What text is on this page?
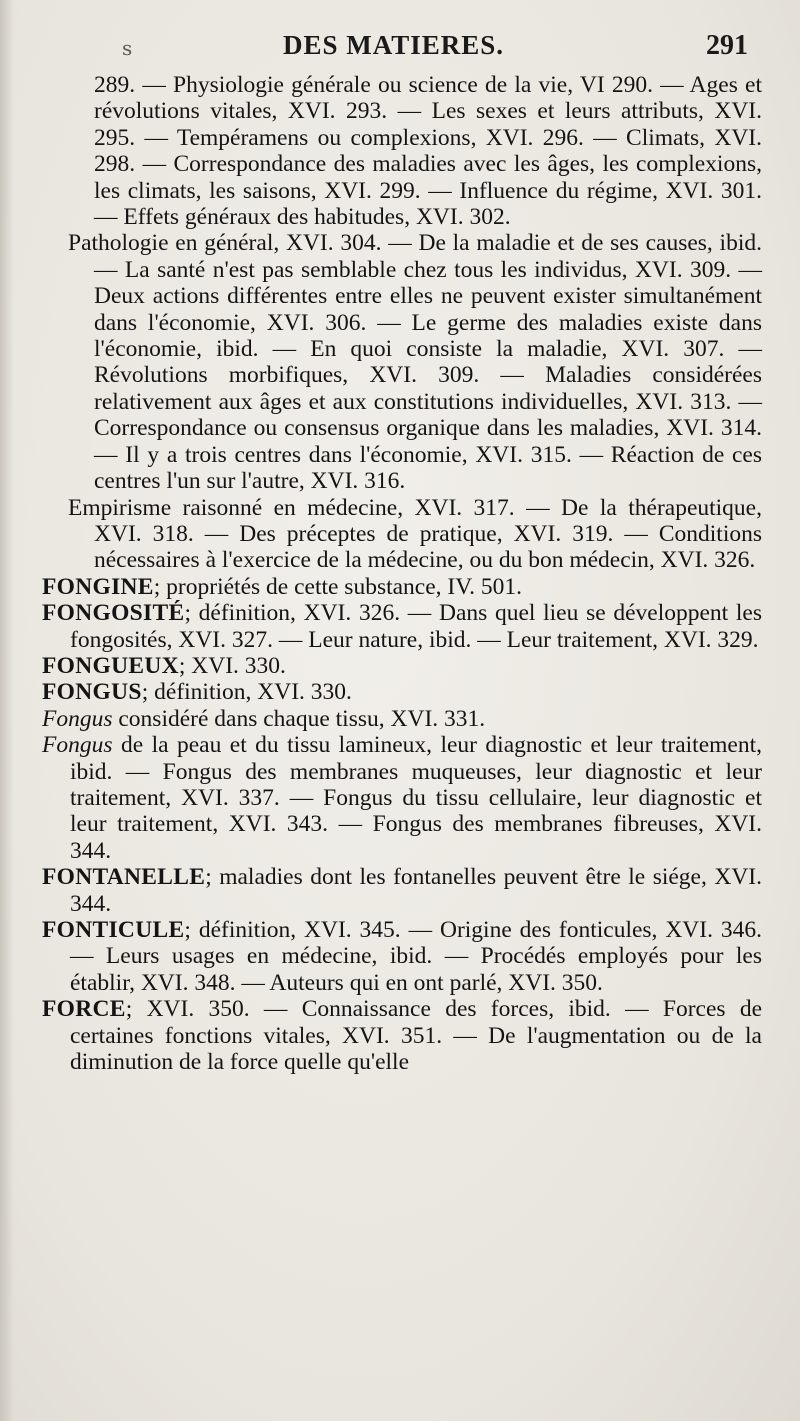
s	DES MATIERES.	291

289. — Physiologie générale ou science de la vie, VI 290. — Ages et révolutions vitales, XVI. 293. — Les sexes et leurs attributs, XVI. 295. — Tempéramens ou complexions, XVI. 296. — Climats, XVI. 298. — Correspondance des maladies avec les âges, les complexions, les climats, les saisons, XVI. 299. — Influence du régime, XVI. 301. — Effets généraux des habitudes, XVI. 302.

Pathologie en général, XVI. 304. — De la maladie et de ses causes, ibid. — La santé n'est pas semblable chez tous les individus, XVI. 309. — Deux actions différentes entre elles ne peuvent exister simultanément dans l'économie, XVI. 306. — Le germe des maladies existe dans l'économie, ibid. — En quoi consiste la maladie, XVI. 307. — Révolutions morbifiques, XVI. 309. — Maladies considérées relativement aux âges et aux constitutions individuelles, XVI. 313. — Correspondance ou consensus organique dans les maladies, XVI. 314. — Il y a trois centres dans l'économie, XVI. 315. — Réaction de ces centres l'un sur l'autre, XVI. 316.

Empirisme raisonné en médecine, XVI. 317. — De la thérapeutique, XVI. 318. — Des préceptes de pratique, XVI. 319. — Conditions nécessaires à l'exercice de la médecine, ou du bon médecin, XVI. 326.

FONGINE; propriétés de cette substance, IV. 501.

FONGOSITÉ; définition, XVI. 326. — Dans quel lieu se développent les fongosités, XVI. 327. — Leur nature, ibid. — Leur traitement, XVI. 329.

FONGUEUX; XVI. 330.

FONGUS; définition, XVI. 330.

Fongus considéré dans chaque tissu, XVI. 331.

Fongus de la peau et du tissu lamineux, leur diagnostic et leur traitement, ibid. — Fongus des membranes muqueuses, leur diagnostic et leur traitement, XVI. 337. — Fongus du tissu cellulaire, leur diagnostic et leur traitement, XVI. 343. — Fongus des membranes fibreuses, XVI. 344.

FONTANELLE; maladies dont les fontanelles peuvent être le siége, XVI. 344.

FONTICULE; définition, XVI. 345. — Origine des fonticules, XVI. 346. — Leurs usages en médecine, ibid. — Procédés employés pour les établir, XVI. 348. — Auteurs qui en ont parlé, XVI. 350.

FORCE; XVI. 350. — Connaissance des forces, ibid. — Forces de certaines fonctions vitales, XVI. 351. — De l'augmentation ou de la diminution de la force quelle qu'elle
